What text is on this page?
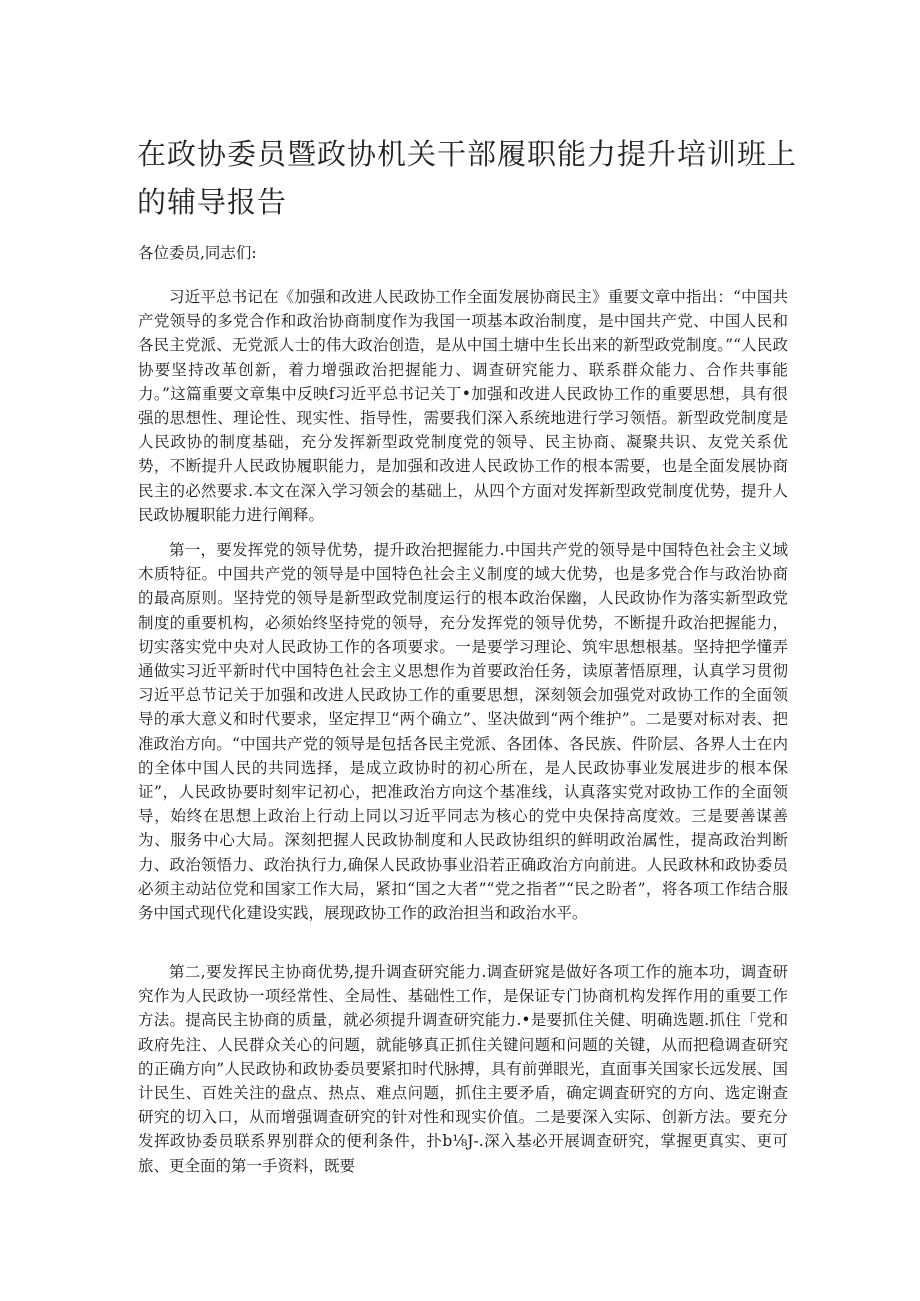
在政协委员暨政协机关干部履职能力提升培训班上
的辅导报告
各位委员,同志们:

习近平总书记在《加强和改进人民政协工作全面发展协商民主》重要文章中指出：“中国共产党领导的多党合作和政治协商制度作为我国一项基本政治制度，是中国共产党、中国人民和各民主党派、无党派人士的伟大政治创造，是从中国土塘中生长出来的新型政党制度。”“人民政协要坚持改革创新，着力增强政治把握能力、调查研究能力、联系群众能力、合作共事能力。”这篇重要文章集中反映f习近平总书记关丁•加强和改进人民政协工作的重要思想，具有很强的思想性、理论性、现实性、指导性，需要我们深入系统地进行学习领悟。新型政党制度是人民政协的制度基础，充分发挥新型政党制度党的领导、民主协商、凝聚共识、友党关系优势，不断提升人民政协履职能力，是加强和改进人民政协工作的根本需要，也是全面发展协商民主的必然要求.本文在深入学习领会的基础上，从四个方面对发挥新型政党制度优势，提升人民政协履职能力进行阐释。

第一，要发挥党的领导优势，提升政治把握能力.中国共产党的领导是中国特色社会主义域木质特征。中国共产党的领导是中国特色社会主义制度的域大优势，也是多党合作与政治协商的最高原则。坚持党的领导是新型政党制度运行的根本政治保幽，人民政协作为落实新型政党制度的重要机构，必须始终坚持党的领导，充分发挥党的领导优势，不断提升政治把握能力，切实落实党中央对人民政协工作的各项要求。一是要学习理论、筑牢思想根基。坚持把学懂弄通做实习近平新时代中国特色社会主义思想作为首要政治任务，读原著悟原理，认真学习贯彻习近平总节记关于加强和改进人民政协工作的重要思想，深刻领会加强党对政协工作的全面领导的承大意义和时代要求，坚定捍卫“两个确立”、坚决做到“两个维护”。二是要对标对表、把准政治方向。“中国共产党的领导是包括各民主党派、各团体、各民族、件阶层、各界人士在内的全体中国人民的共同选择，是成立政协时的初心所在，是人民政协事业发展进步的根本保证”，人民政协要时刻牢记初心，把准政治方向这个基准线，认真落实党对政协工作的全面领导，始终在思想上政治上行动上同以习近平同志为核心的党中央保持高度效。三是要善谋善为、服务中心大局。深刻把握人民政协制度和人民政协组织的鲜明政治属性，提高政治判断力、政治领悟力、政治执行力,确保人民政协事业沿若正确政治方向前进。人民政林和政协委员必须主动站位党和国家工作大局，紧扣“国之大者”“党之指者”“民之盼者”，将各项工作结合服务中国式现代化建设实践，展现政协工作的政治担当和政治水平。

第二,要发挥民主协商优势,提升调查研究能力.调查研窕是做好各项工作的施本功，调査研究作为人民政协一项经常性、全局性、基础性工作，是保证专门协商机构发挥作用的重要工作方法。提高民主协商的质量，就必须提升调查研究能力.•是要抓住关健、明确选题.抓住「党和政府先注、人民群众关心的问题，就能够真正抓住关键问题和问题的关键，从而把稳调查研究的正确方向”人民政协和政协委员要紧扣时代脉搏，具有前弹眼光，直面事关国家长远发展、国计民生、百姓关注的盘点、热点、难点问题，抓住主要矛盾，确定调査研究的方向、选定谢查研究的切入口，从而增强调查研究的针对性和现实价值。二是要深入实际、创新方法。要充分发挥政协委员联系界别群众的便利条件，扑b⅛J-.深入基必开展调查研究，掌握更真实、更可旅、更全面的第一手资料，既要
